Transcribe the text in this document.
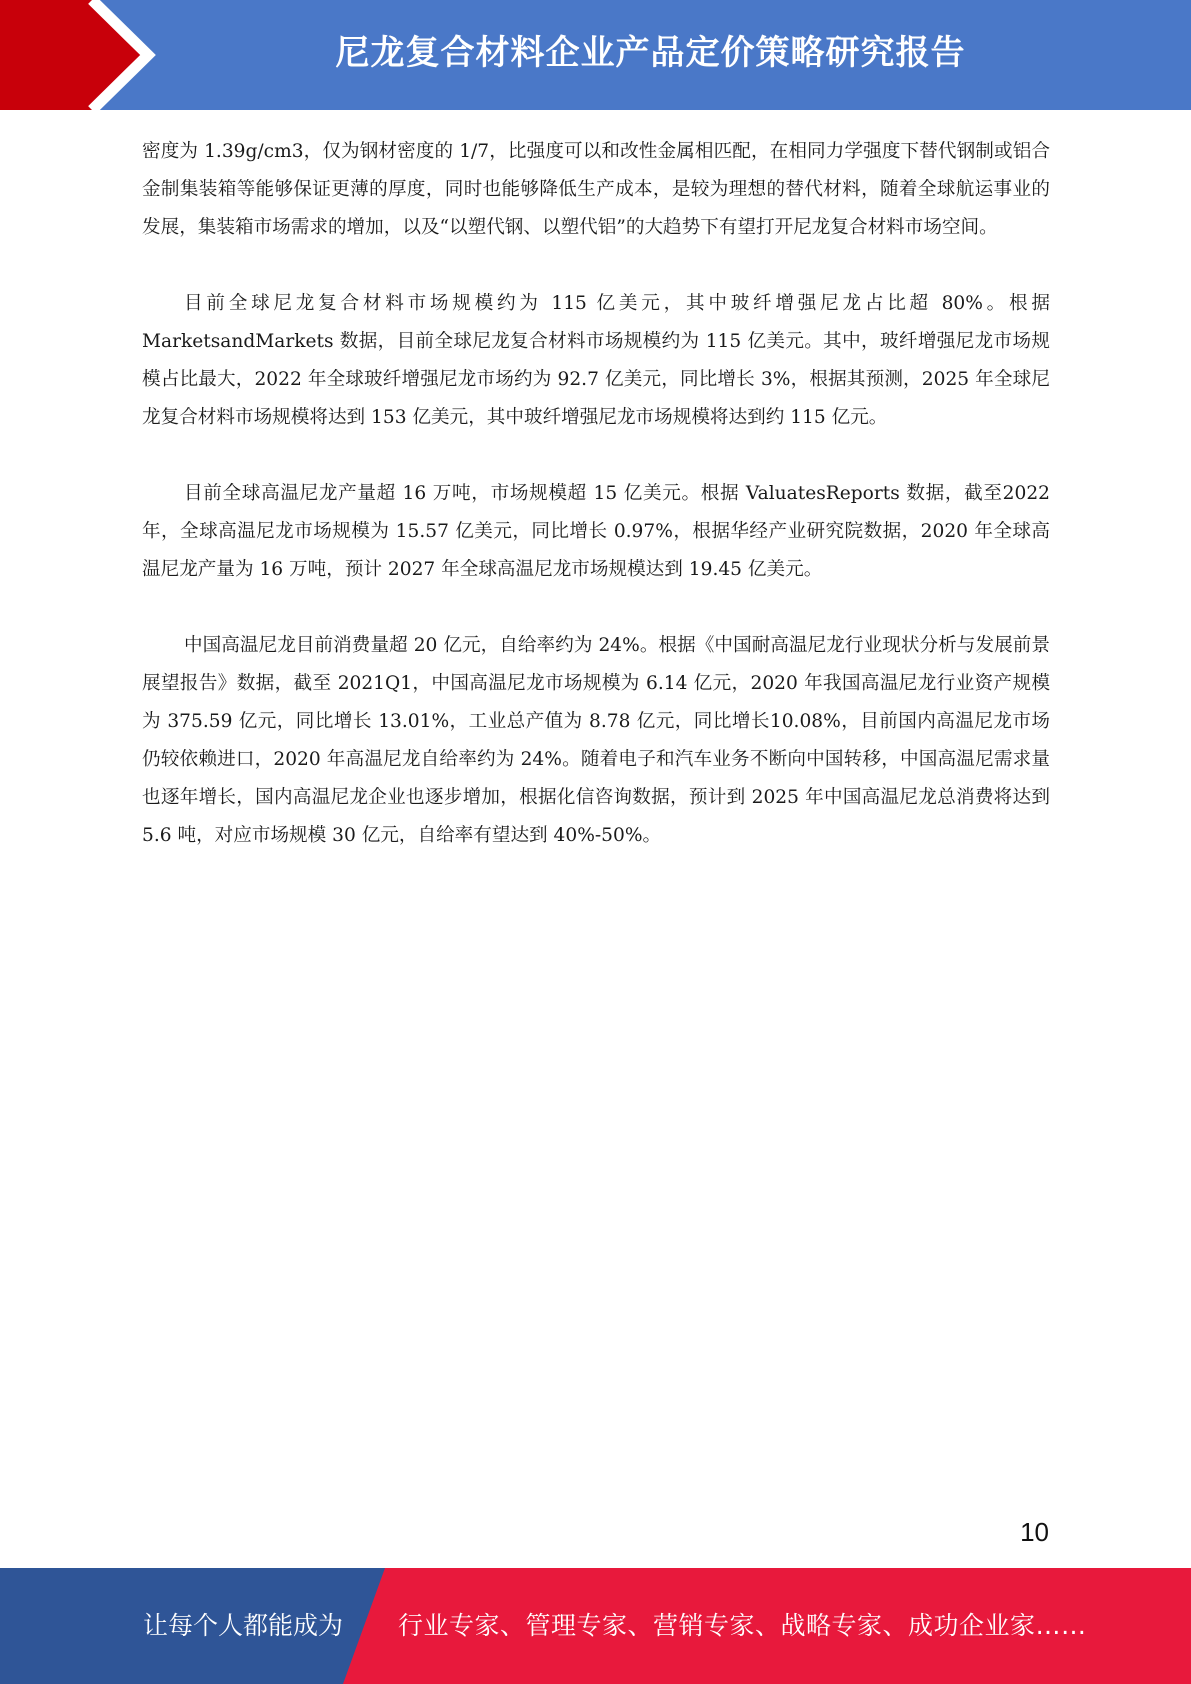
尼龙复合材料企业产品定价策略研究报告

密度为 1.39g/cm3，仅为钢材密度的 1/7，比强度可以和改性金属相匹配，在相同力学强度下替代钢制或铝合金制集装箱等能够保证更薄的厚度，同时也能够降低生产成本，是较为理想的替代材料，随着全球航运事业的发展，集装箱市场需求的增加，以及“以塑代钢、以塑代铝”的大趋势下有望打开尼龙复合材料市场空间。

目前全球尼龙复合材料市场规模约为 115 亿美元，其中玻纤增强尼龙占比超 80%。根据MarketsandMarkets 数据，目前全球尼龙复合材料市场规模约为 115 亿美元。其中，玻纤增强尼龙市场规模占比最大，2022 年全球玻纤增强尼龙市场约为 92.7 亿美元，同比增长 3%，根据其预测，2025 年全球尼龙复合材料市场规模将达到 153 亿美元，其中玻纤增强尼龙市场规模将达到约 115 亿元。

目前全球高温尼龙产量超 16 万吨，市场规模超 15 亿美元。根据 ValuatesReports 数据，截至2022 年，全球高温尼龙市场规模为 15.57 亿美元，同比增长 0.97%，根据华经产业研究院数据，2020 年全球高温尼龙产量为 16 万吨，预计 2027 年全球高温尼龙市场规模达到 19.45 亿美元。

中国高温尼龙目前消费量超 20 亿元，自给率约为 24%。根据《中国耐高温尼龙行业现状分析与发展前景展望报告》数据，截至 2021Q1，中国高温尼龙市场规模为 6.14 亿元，2020 年我国高温尼龙行业资产规模为 375.59 亿元，同比增长 13.01%，工业总产值为 8.78 亿元，同比增长10.08%，目前国内高温尼龙市场仍较依赖进口，2020 年高温尼龙自给率约为 24%。随着电子和汽车业务不断向中国转移，中国高温尼需求量也逐年增长，国内高温尼龙企业也逐步增加，根据化信咨询数据，预计到 2025 年中国高温尼龙总消费将达到 5.6 吨，对应市场规模 30 亿元，自给率有望达到 40%-50%。

10
让每个人都能成为 行业专家、管理专家、营销专家、战略专家、成功企业家……
